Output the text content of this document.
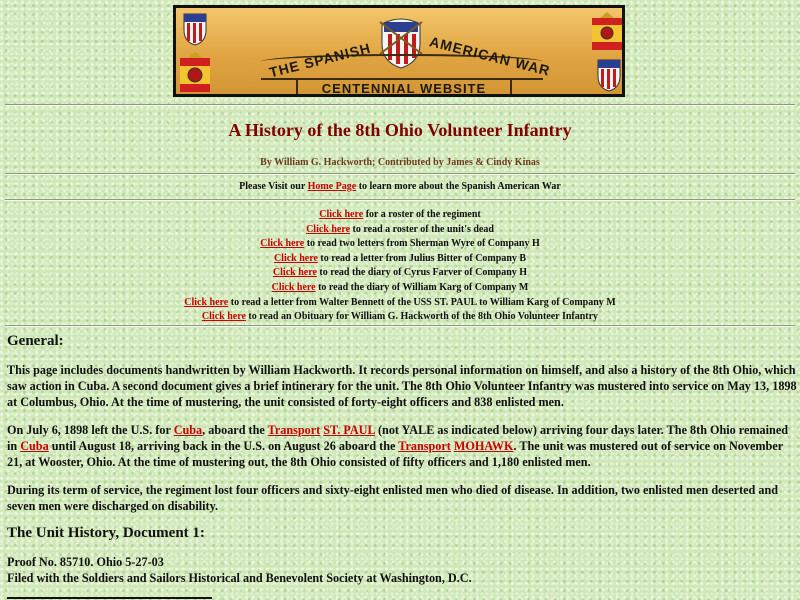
THE SPANISH	AMERICAN WAR
CENTENNIAL WEBSITE
A History of the 8th Ohio Volunteer Infantry
By William G. Hackworth; Contributed by James & Cindy Kinas
Please Visit our Home Page to learn more about the Spanish American War
Click here for a roster of the regiment
Click here to read a roster of the unit's dead
Click here to read two letters from Sherman Wyre of Company H
Click here to read a letter from Julius Bitter of Company B
Click here to read the diary of Cyrus Farver of Company H
Click here to read the diary of William Karg of Company M
Click here to read a letter from Walter Bennett of the USS ST. PAUL to William Karg of Company M
Click here to read an Obituary for William G. Hackworth of the 8th Ohio Volunteer Infantry
General:
This page includes documents handwritten by William Hackworth. It records personal information on himself, and also a history of the 8th Ohio, which saw action in Cuba. A second document gives a brief intinerary for the unit. The 8th Ohio Volunteer Infantry was mustered into service on May 13, 1898 at Columbus, Ohio. At the time of mustering, the unit consisted of forty-eight officers and 838 enlisted men.
On July 6, 1898 left the U.S. for Cuba, aboard the Transport ST. PAUL (not YALE as indicated below) arriving four days later. The 8th Ohio remained in Cuba until August 18, arriving back in the U.S. on August 26 aboard the Transport MOHAWK. The unit was mustered out of service on November 21, at Wooster, Ohio. At the time of mustering out, the 8th Ohio consisted of fifty officers and 1,180 enlisted men.
During its term of service, the regiment lost four officers and sixty-eight enlisted men who died of disease. In addition, two enlisted men deserted and seven men were discharged on disability.
The Unit History, Document 1:
Proof No. 85710. Ohio 5-27-03
Filed with the Soldiers and Sailors Historical and Benevolent Society at Washington, D.C.
